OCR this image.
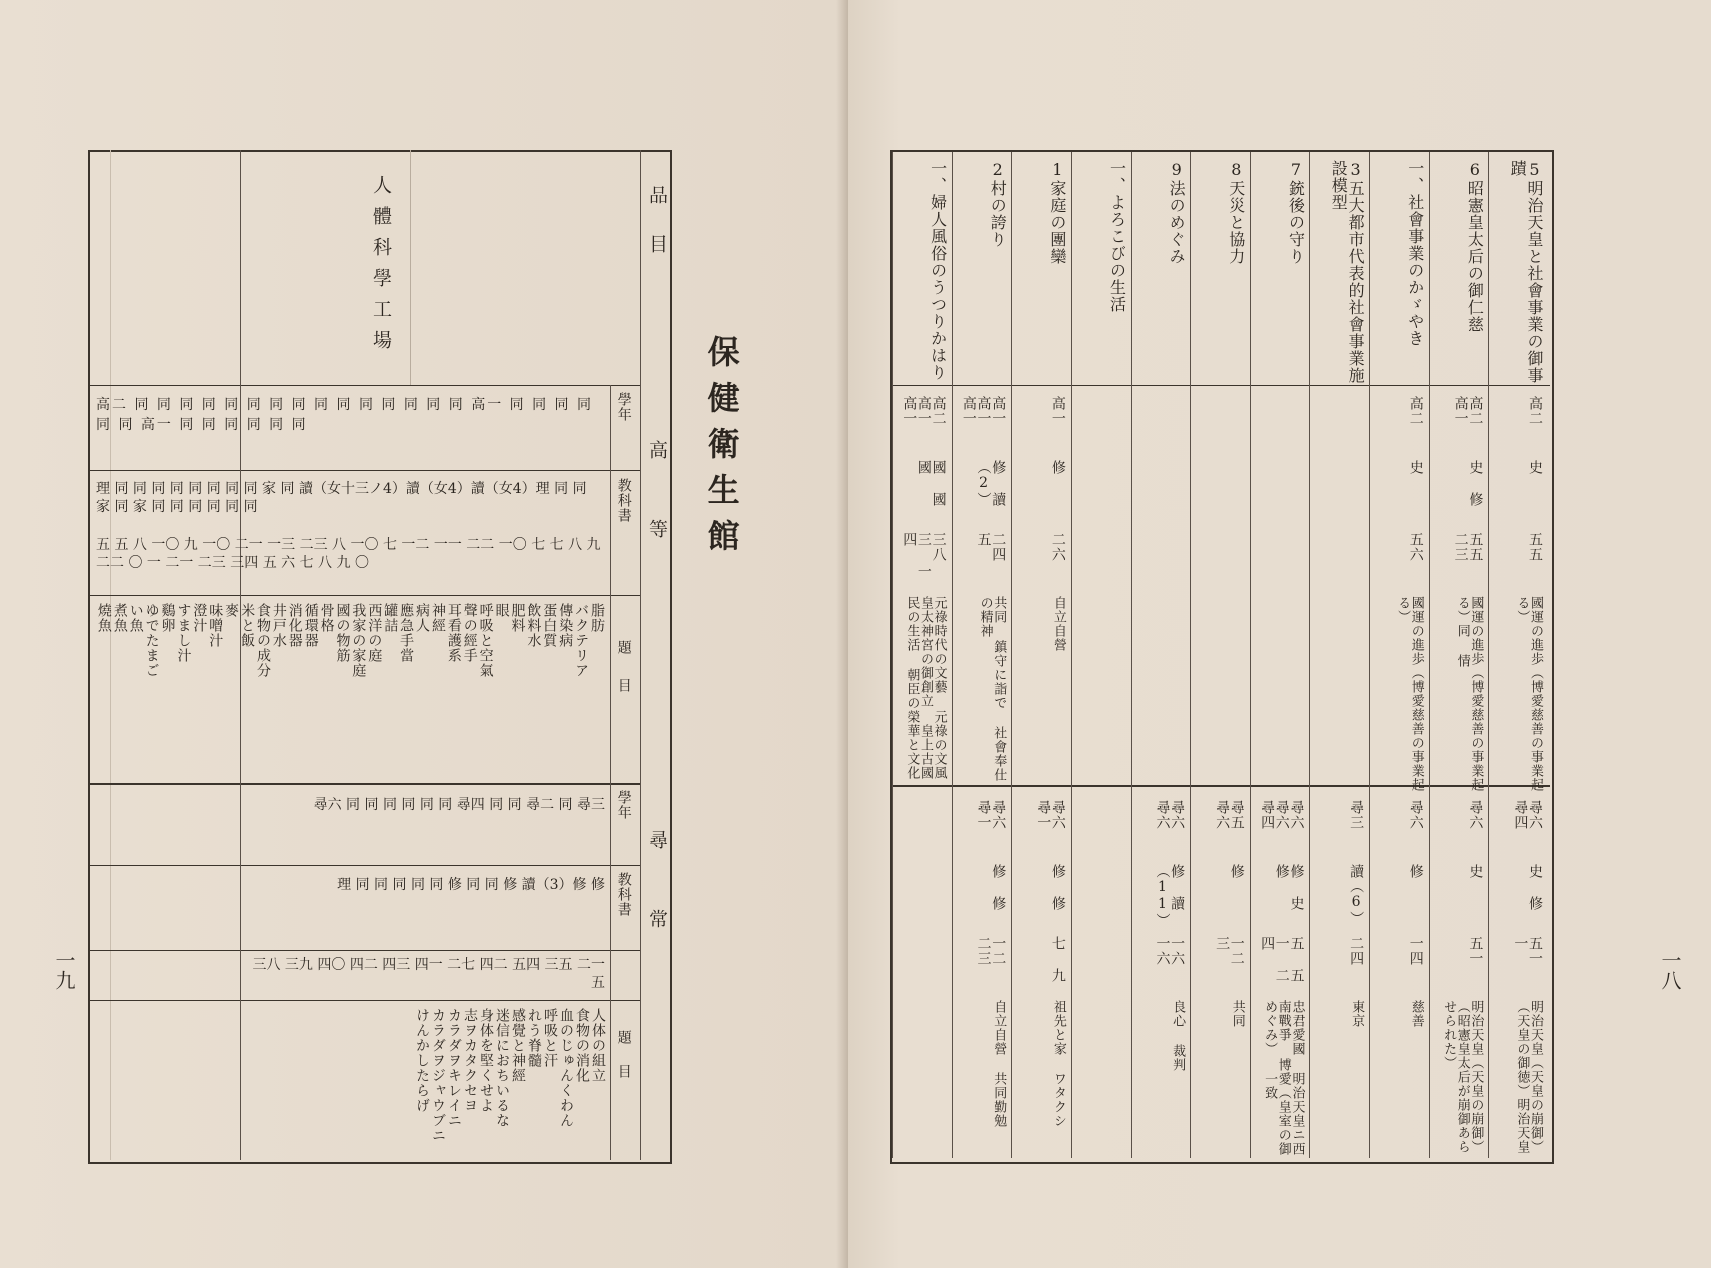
保健衛生館
品目
高等
尋常
學年
教科書
題目
學年
教科書
題目
人體科學工場
高二 同 同 同 同 同 同 同 同 同 同 同 同 同 同 同 高一 同 同 同 同 同 同 高一 同 同 同 同 同 同
理 同 同 同 同 同 同 同 同 家 同 讀（女十三ノ4）讀（女4）讀（女4）理 同 同 家 同 家 同 同 同 同 同 同
五 五 八 一〇 九 一〇 二一 一三 二三 八 一〇 七 一二 一一 二二 一〇 七 七 八 九 二二 〇 一 二一 二三 三四 五 六 七 八 九 〇
脂肪
バクテリア
傳染病
蛋白質
飲料水
肥料
眼
呼吸と空氣
聲の經手
耳看護系
神經
病人
應急手當
罐詰
西洋の庭
我家の家庭
國の物筋
骨格
循環器
消化器
井戸水
食物の成分
米と飯
麥
味噌汁
澄汁
すまし汁
鷄卵
ゆでたまご
い魚
煮魚
燒魚
尋六 同 同 同 同 同 同 尋四 同 同 尋二 同 尋三
理 同 同 同 同 同 修 同 同 修 讀（3）修 修
三八 三九 四〇 四二 四三 四一 二七 四二 五四 三五 二一 五
人体の組立
食物の消化
血のじゅんくわん
呼吸と汗
れう脊髓
感覺と神經
迷信におちいるな
身体を堅くせよ
志ヲカタクセヨ
カラダヲキレイニ
カラダヲジャウブニ
けんかしたらげ
一九
5明治天皇と社會事業の御事蹟
高二
史
五五
國運の進歩（博愛慈善の事業起る）
尋六 尋四
史 修
五一 一
明治天皇（天皇の崩御）（天皇の御徳）明治天皇
6昭憲皇太后の御仁慈
高二 高一
史 修
五五 二三
國運の進歩（博愛慈善の事業起る）同 情
尋六
史
五一
明治天皇（天皇の崩御）（昭憲皇太后が崩御あらせられた）
一、社會事業のかゞやき
高二
史
五六
國運の進歩（博愛慈善の事業起る）
尋六
修
一四
慈善
3五大都市代表的社會事業施設模型
尋三
讀（6）
二四
東京
7銃後の守り
尋六 尋六 尋四
修 史 修
五 五一 二四
忠君愛國 明治天皇ニ西南戰爭 博愛（皇室の御めぐみ） 一致
8天災と協力
尋五 尋六
修
一二 三
共同
9法のめぐみ
尋六 尋六
修 讀（11）
一六 一六
良心 裁判
一、よろこびの生活
1家庭の團欒
高一
修
二六
自立自營
尋六 尋一
修 修
七 九
祖先と家 ワタクシ
2村の誇り
高一 高一 高一
修 讀（2）
二四 五
共同 鎮守に詣で 社會奉仕の精神
尋六 尋一
修 修
一二 二三
自立自營 共同勤勉
一、婦人風俗のうつりかはり
高二 高一 高一
國 國 國
三八 三 一四
元祿時代の文藝 元祿の文風 皇太神宮の御創立 皇上古國民の生活 朝臣の榮華と文化
一八
